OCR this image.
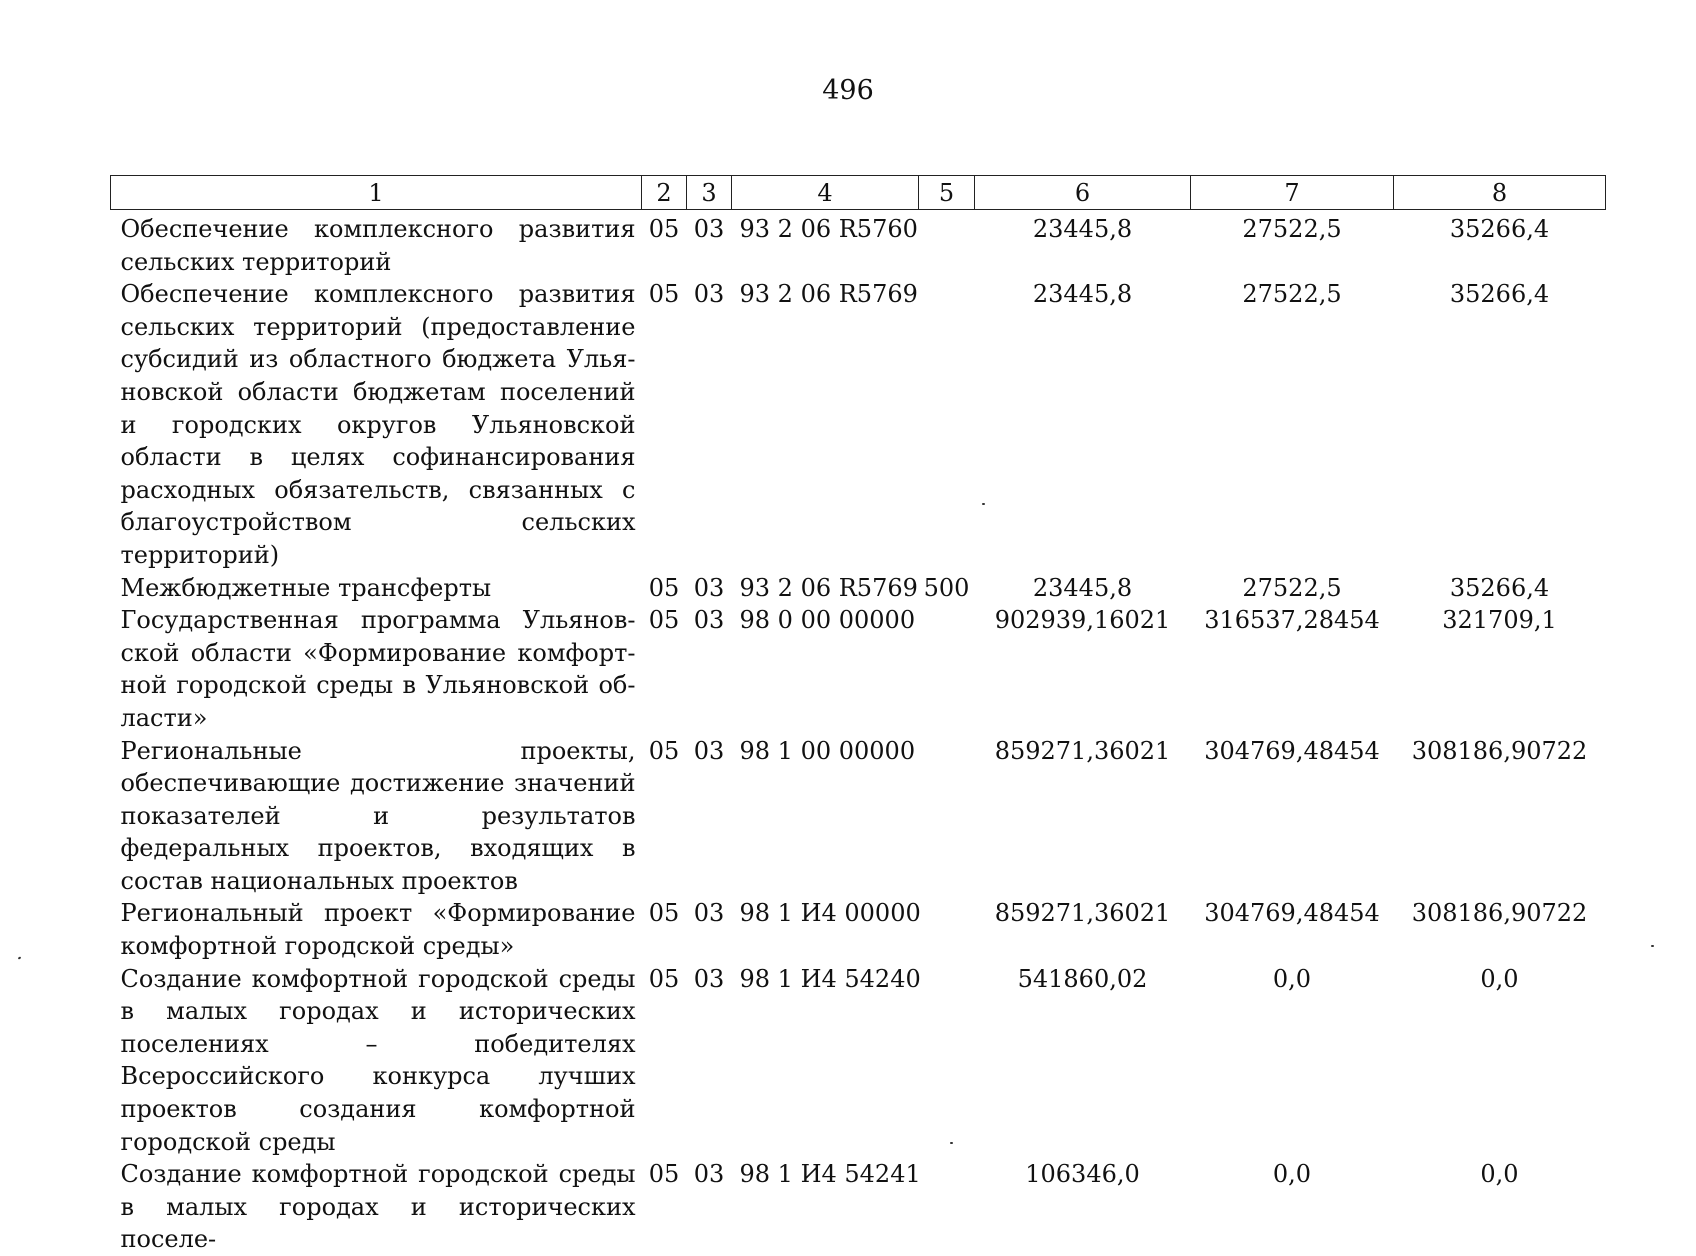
496
1	2	3	4	5	6	7	8
Обеспечение комплексного развития сельских территорий	05	03	93 2 06 R5760		23445,8	27522,5	35266,4
Обеспечение комплексного развития сельских территорий (предоставление субсидий из областного бюджета Ульяновской области бюджетам поселений и городских округов Ульяновской области в целях софинансирования расходных обязательств, связанных с благоустройством сельских территорий)	05	03	93 2 06 R5769		23445,8	27522,5	35266,4
Межбюджетные трансферты	05	03	93 2 06 R5769	500	23445,8	27522,5	35266,4
Государственная программа Ульяновской области «Формирование комфортной городской среды в Ульяновской области»	05	03	98 0 00 00000		902939,16021	316537,28454	321709,1
Региональные проекты, обеспечивающие достижение значений показателей и результатов федеральных проектов, входящих в состав национальных проектов	05	03	98 1 00 00000		859271,36021	304769,48454	308186,90722
Региональный проект «Формирование комфортной городской среды»	05	03	98 1 И4 00000		859271,36021	304769,48454	308186,90722
Создание комфортной городской среды в малых городах и исторических поселениях – победителях Всероссийского конкурса лучших проектов создания комфортной городской среды	05	03	98 1 И4 54240		541860,02	0,0	0,0
Создание комфортной городской среды в малых городах и исторических поселе-	05	03	98 1 И4 54241		106346,0	0,0	0,0
